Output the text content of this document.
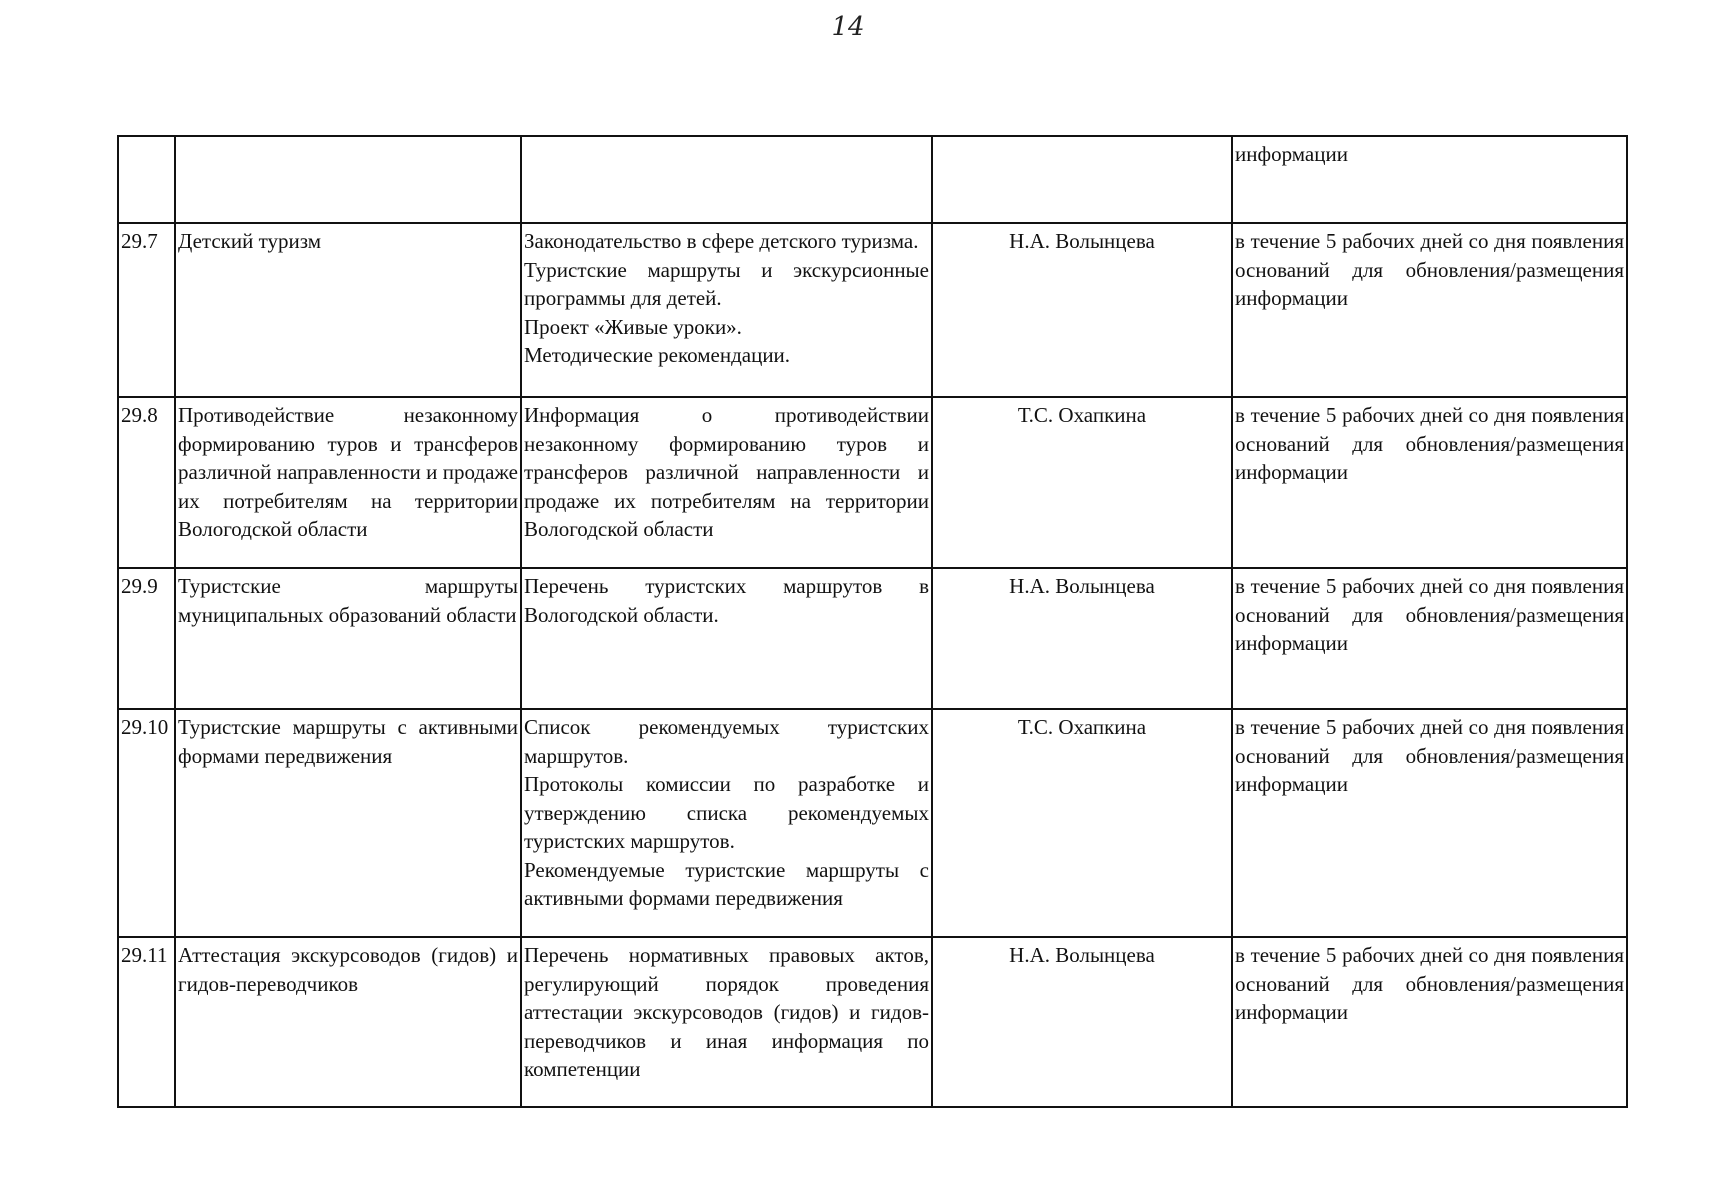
14
				информации
29.7	Детский туризм	Законодательство в сфере детского туризма.
Туристские маршруты и экскурсионные программы для детей.
Проект «Живые уроки».
Методические рекомендации.	Н.А. Волынцева	в течение 5 рабочих дней со дня появления оснований для обновления/размещения информации
29.8	Противодействие незаконному формированию туров и трансферов различной направленности и продаже их потребителям на территории Вологодской области	Информация о противодействии незаконному формированию туров и трансферов различной направленности и продаже их потребителям на территории Вологодской области	Т.С. Охапкина	в течение 5 рабочих дней со дня появления оснований для обновления/размещения информации
29.9	Туристские маршруты муниципальных образований области	Перечень туристских маршрутов в Вологодской области.	Н.А. Волынцева	в течение 5 рабочих дней со дня появления оснований для обновления/размещения информации
29.10	Туристские маршруты с активными формами передвижения	Список рекомендуемых туристских маршрутов.
Протоколы комиссии по разработке и утверждению списка рекомендуемых туристских маршрутов.
Рекомендуемые туристские маршруты с активными формами передвижения	Т.С. Охапкина	в течение 5 рабочих дней со дня появления оснований для обновления/размещения информации
29.11	Аттестация экскурсоводов (гидов) и гидов-переводчиков	Перечень нормативных правовых актов, регулирующий порядок проведения аттестации экскурсоводов (гидов) и гидов-переводчиков и иная информация по компетенции	Н.А. Волынцева	в течение 5 рабочих дней со дня появления оснований для обновления/размещения информации
